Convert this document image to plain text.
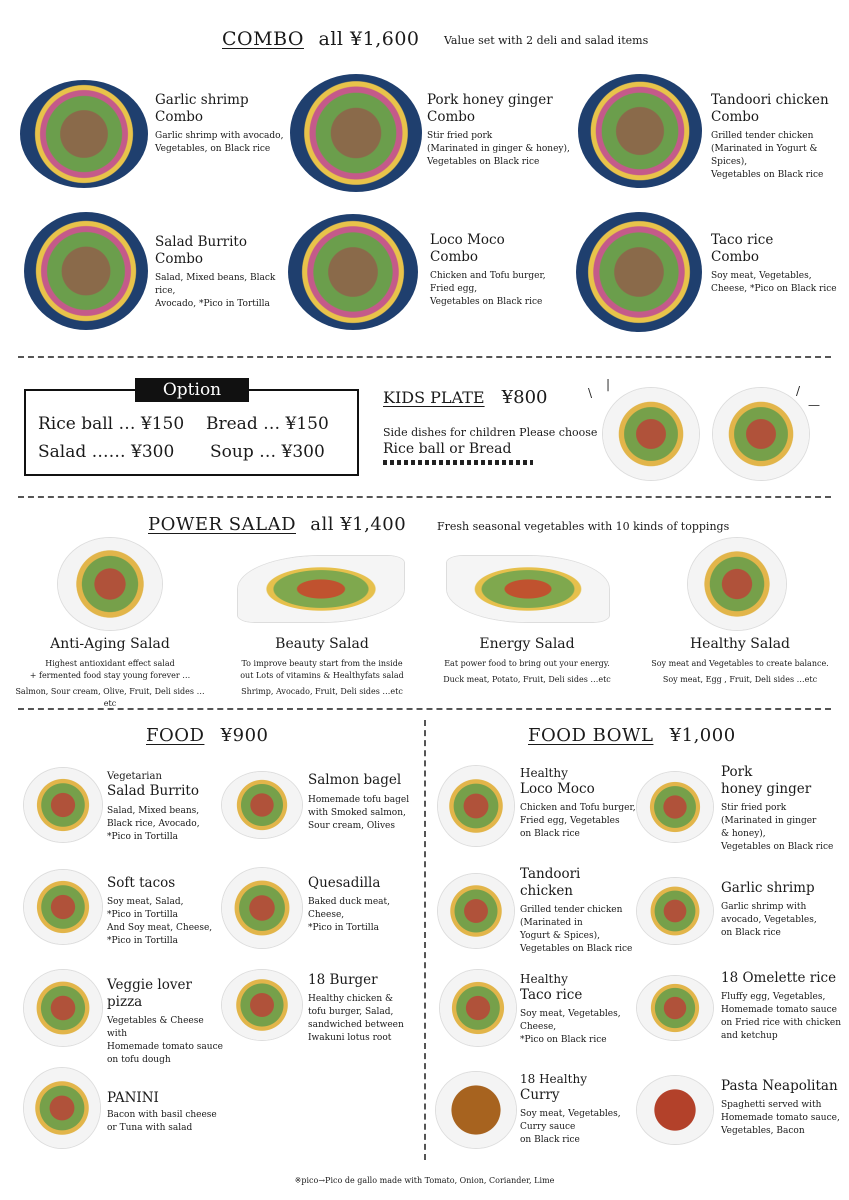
COMBO all ¥1,600 Value set with 2 deli and salad items
Garlic shrimp
Combo
Garlic shrimp with avocado,
Vegetables, on Black rice
Pork honey ginger
Combo
Stir fried pork
(Marinated in ginger & honey),
Vegetables on Black rice
Tandoori chicken
Combo
Grilled tender chicken
(Marinated in Yogurt & Spices),
Vegetables on Black rice
Salad Burrito
Combo
Salad, Mixed beans, Black rice,
Avocado, *Pico in Tortilla
Loco Moco
Combo
Chicken and Tofu burger,
Fried egg,
Vegetables on Black rice
Taco rice
Combo
Soy meat, Vegetables,
Cheese, *Pico on Black rice
Option
Rice ball … ¥150 Bread … ¥150
Salad …… ¥300 Soup … ¥300
KIDS PLATE ¥800
Side dishes for children Please choose
Rice ball or Bread
\
|	/
—
POWER SALAD all ¥1,400	Fresh seasonal vegetables with 10 kinds of toppings
Anti-Aging Salad
Highest antioxidant effect salad
+ fermented food stay young forever …
Salmon, Sour cream, Olive, Fruit, Deli sides …etc
Beauty Salad
To improve beauty start from the inside
out Lots of vitamins & Healthyfats salad
Shrimp, Avocado, Fruit, Deli sides …etc
Energy Salad
Eat power food to bring out your energy.
Duck meat, Potato, Fruit, Deli sides …etc
Healthy Salad
Soy meat and Vegetables to create balance.
Soy meat, Egg , Fruit, Deli sides …etc
FOOD ¥900
Vegetarian
Salad Burrito
Salad, Mixed beans,
Black rice, Avocado,
*Pico in Tortilla
Salmon bagel
Homemade tofu bagel
with Smoked salmon,
Sour cream, Olives
Soft tacos
Soy meat, Salad,
*Pico in Tortilla
And Soy meat, Cheese,
*Pico in Tortilla
Quesadilla
Baked duck meat,
Cheese,
*Pico in Tortilla
Veggie lover pizza
Vegetables & Cheese with
Homemade tomato sauce
on tofu dough
18 Burger
Healthy chicken &
tofu burger, Salad,
sandwiched between
Iwakuni lotus root
PANINI
Bacon with basil cheese
or Tuna with salad
FOOD BOWL ¥1,000
Healthy
Loco Moco
Chicken and Tofu burger,
Fried egg, Vegetables
on Black rice
Pork
honey ginger
Stir fried pork
(Marinated in ginger
& honey),
Vegetables on Black rice
Tandoori
chicken
Grilled tender chicken
(Marinated in
Yogurt & Spices),
Vegetables on Black rice
Garlic shrimp
Garlic shrimp with
avocado, Vegetables,
on Black rice
Healthy
Taco rice
Soy meat, Vegetables,
Cheese,
*Pico on Black rice
18 Omelette rice
Fluffy egg, Vegetables,
Homemade tomato sauce
on Fried rice with chicken
and ketchup
18 Healthy
Curry
Soy meat, Vegetables,
Curry sauce
on Black rice
Pasta Neapolitan
Spaghetti served with
Homemade tomato sauce,
Vegetables, Bacon
※pico→Pico de gallo made with Tomato, Onion, Coriander, Lime
